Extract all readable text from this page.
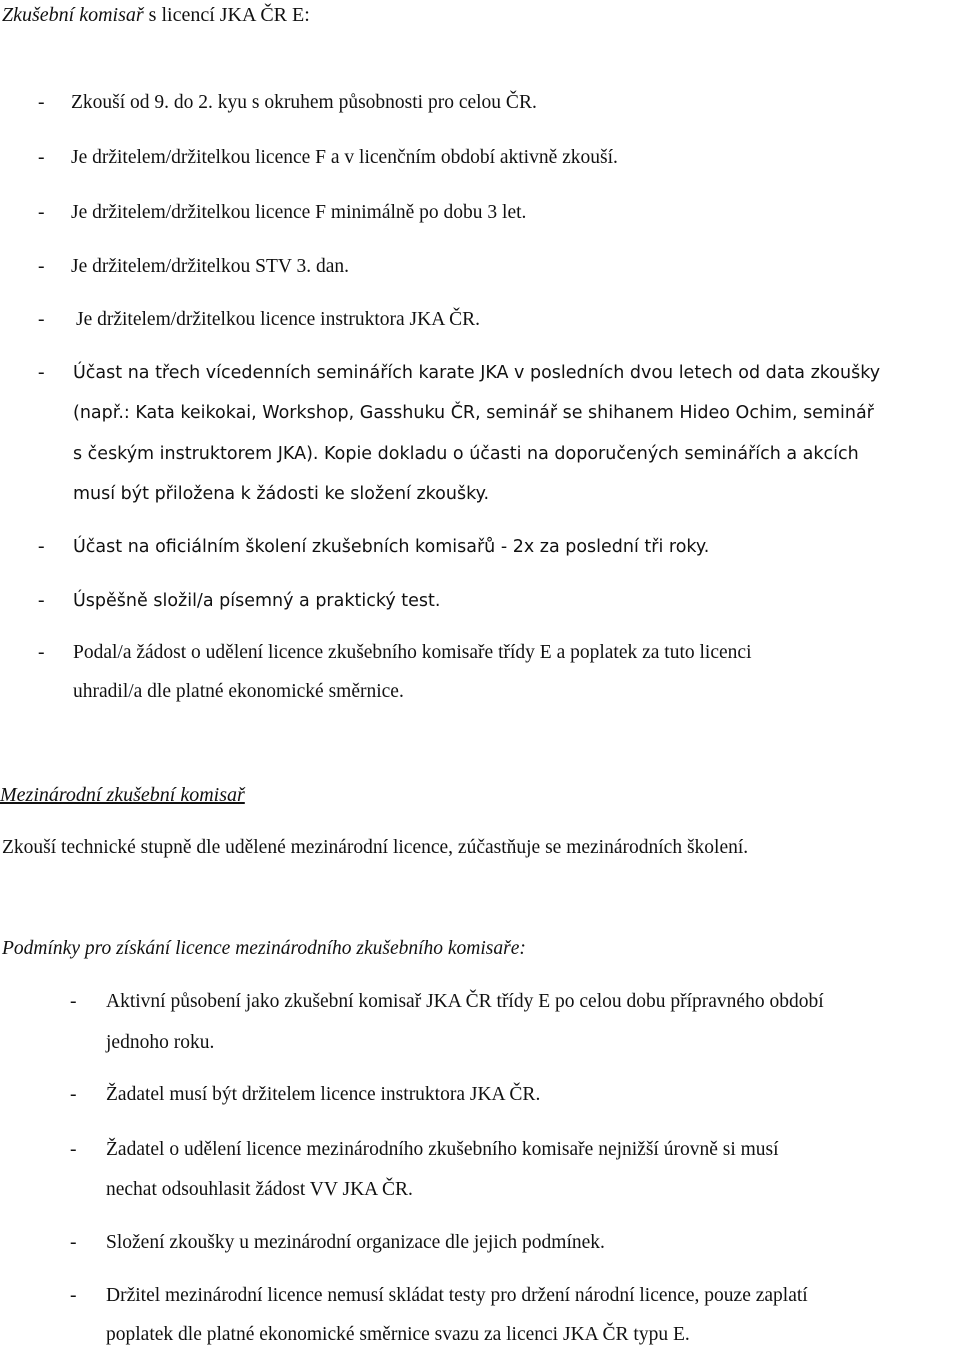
Zkušební komisař s licencí JKA ČR E:
- Zkouší od 9. do 2. kyu s okruhem působnosti pro celou ČR.
- Je držitelem/držitelkou licence F a v licenčním období aktivně zkouší.
- Je držitelem/držitelkou licence F minimálně po dobu 3 let.
- Je držitelem/držitelkou STV 3. dan.
- Je držitelem/držitelkou licence instruktora JKA ČR.
- Účast na třech vícedenních seminářích karate JKA v posledních dvou letech od data zkoušky
(např.: Kata keikokai, Workshop, Gasshuku ČR, seminář se shihanem Hideo Ochim, seminář
s českým instruktorem JKA). Kopie dokladu o účasti na doporučených seminářích a akcích
musí být přiložena k žádosti ke složení zkoušky.
- Účast na oficiálním školení zkušebních komisařů - 2x za poslední tři roky.
- Úspěšně složil/a písemný a praktický test.
- Podal/a žádost o udělení licence zkušebního komisaře třídy E a poplatek za tuto licenci
uhradil/a dle platné ekonomické směrnice.
Mezinárodní zkušební komisař
Zkouší technické stupně dle udělené mezinárodní licence, zúčastňuje se mezinárodních školení.
Podmínky pro získání licence mezinárodního zkušebního komisaře:
- Aktivní působení jako zkušební komisař JKA ČR třídy E po celou dobu přípravného období
jednoho roku.
- Žadatel musí být držitelem licence instruktora JKA ČR.
- Žadatel o udělení licence mezinárodního zkušebního komisaře nejnižší úrovně si musí
nechat odsouhlasit žádost VV JKA ČR.
- Složení zkoušky u mezinárodní organizace dle jejich podmínek.
- Držitel mezinárodní licence nemusí skládat testy pro držení národní licence, pouze zaplatí
poplatek dle platné ekonomické směrnice svazu za licenci JKA ČR typu E.
